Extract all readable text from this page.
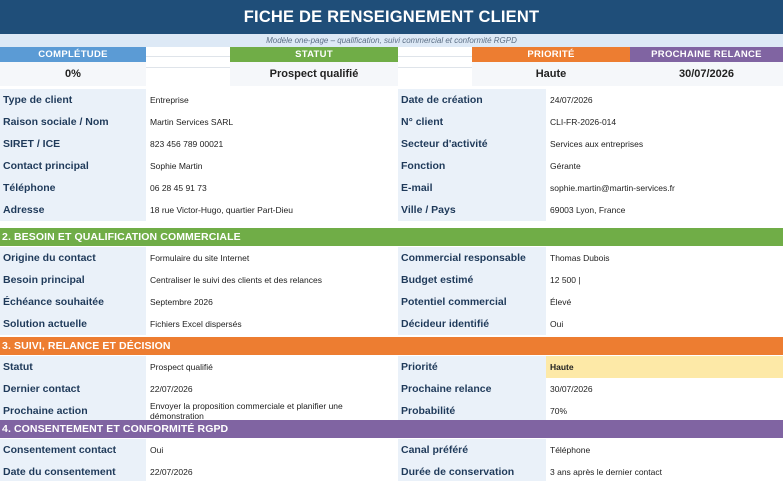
FICHE DE RENSEIGNEMENT CLIENT
Modèle one-page – qualification, suivi commercial et conformité RGPD
COMPLÉTUDE	STATUT	PRIORITÉ	PROCHAINE RELANCE
0%	Prospect qualifié	Haute	30/07/2026
Type de client	Entreprise	Date de création	24/07/2026
Raison sociale / Nom	Martin Services SARL	N° client	CLI-FR-2026-014
SIRET / ICE	823 456 789 00021	Secteur d'activité	Services aux entreprises
Contact principal	Sophie Martin	Fonction	Gérante
Téléphone	06 28 45 91 73	E-mail	sophie.martin@martin-services.fr
Adresse	18 rue Victor-Hugo, quartier Part-Dieu	Ville / Pays	69003 Lyon, France
2. BESOIN ET QUALIFICATION COMMERCIALE
Origine du contact	Formulaire du site Internet	Commercial responsable	Thomas Dubois
Besoin principal	Centraliser le suivi des clients et des relances	Budget estimé	12 500 |
Échéance souhaitée	Septembre 2026	Potentiel commercial	Élevé
Solution actuelle	Fichiers Excel dispersés	Décideur identifié	Oui
3. SUIVI, RELANCE ET DÉCISION
Statut	Prospect qualifié	Priorité	Haute
Dernier contact	22/07/2026	Prochaine relance	30/07/2026
Prochaine action	Envoyer la proposition commerciale et planifier une démonstration	Probabilité	70%
4. CONSENTEMENT ET CONFORMITÉ RGPD
Consentement contact	Oui	Canal préféré	Téléphone
Date du consentement	22/07/2026	Durée de conservation	3 ans après le dernier contact
